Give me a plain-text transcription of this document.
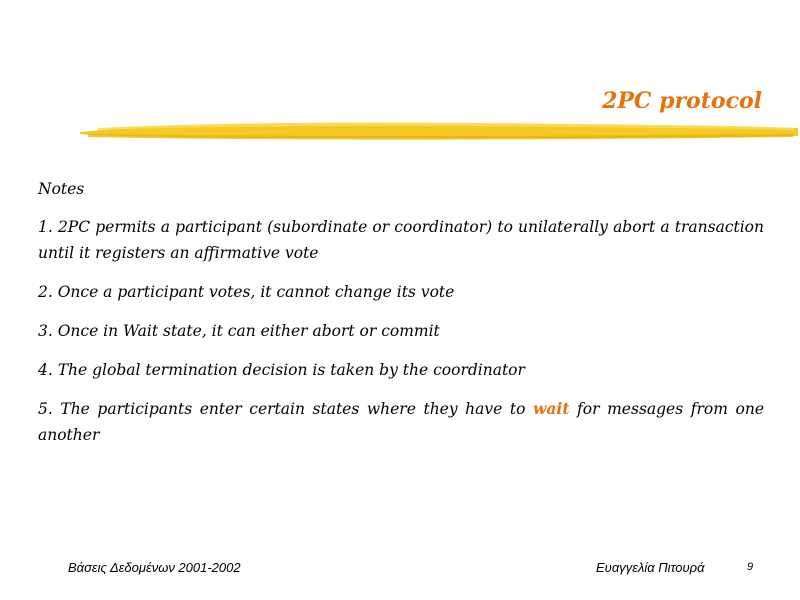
2PC protocol

Notes

1. 2PC permits a participant (subordinate or coordinator) to unilaterally abort a transaction until it registers an affirmative vote

2. Once a participant votes, it cannot change its vote

3. Once in Wait state, it can either abort or commit

4. The global termination decision is taken by the coordinator

5. The participants enter certain states where they have to wait for messages from one another

Βάσεις Δεδομένων 2001-2002	Ευαγγελία Πιτουρά	9
